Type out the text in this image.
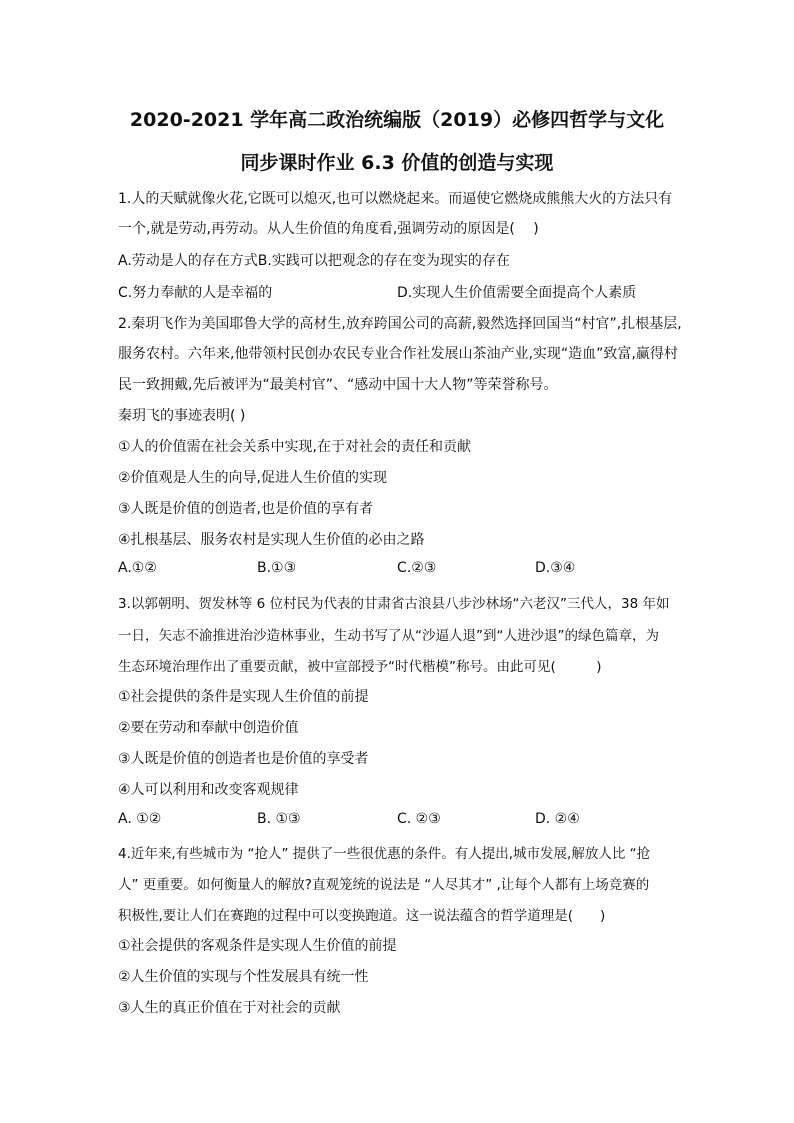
2020-2021 学年高二政治统编版（2019）必修四哲学与文化
同步课时作业 6.3 价值的创造与实现
1.人的天赋就像火花,它既可以熄灭,也可以燃烧起来。而逼使它燃烧成熊熊大火的方法只有
一个,就是劳动,再劳动。从人生价值的角度看,强调劳动的原因是(　 )
A.劳动是人的存在方式B.实践可以把观念的存在变为现实的存在
C.努力奉献的人是幸福的	D.实现人生价值需要全面提高个人素质
2.秦玥飞作为美国耶鲁大学的高材生,放弃跨国公司的高薪,毅然选择回国当“村官”,扎根基层,
服务农村。六年来,他带领村民创办农民专业合作社发展山茶油产业,实现“造血”致富,赢得村
民一致拥戴,先后被评为“最美村官”、“感动中国十大人物”等荣誉称号。
秦玥飞的事迹表明( )
①人的价值需在社会关系中实现,在于对社会的责任和贡献
②价值观是人生的向导,促进人生价值的实现
③人既是价值的创造者,也是价值的享有者
④扎根基层、服务农村是实现人生价值的必由之路
A.①②	B.①③	C.②③	D.③④
3.以郭朝明、贺发林等 6 位村民为代表的甘肃省古浪县八步沙林场“六老汉”三代人，38 年如
一日，矢志不渝推进治沙造林事业，生动书写了从“沙逼人退”到“人进沙退”的绿色篇章，为
生态环境治理作出了重要贡献，被中宣部授予“时代楷模”称号。由此可见(　　　)
①社会提供的条件是实现人生价值的前提
②要在劳动和奉献中创造价值
③人既是价值的创造者也是价值的享受者
④人可以利用和改变客观规律
A. ①②	B. ①③	C. ②③	D. ②④
4.近年来,有些城市为 “抢人” 提供了一些很优惠的条件。有人提出,城市发展,解放人比 “抢
人” 更重要。如何衡量人的解放?直观笼统的说法是 “人尽其才” ,让每个人都有上场竞赛的
积极性,要让人们在赛跑的过程中可以变换跑道。这一说法蕴含的哲学道理是(　　)
①社会提供的客观条件是实现人生价值的前提
②人生价值的实现与个性发展具有统一性
③人生的真正价值在于对社会的贡献
